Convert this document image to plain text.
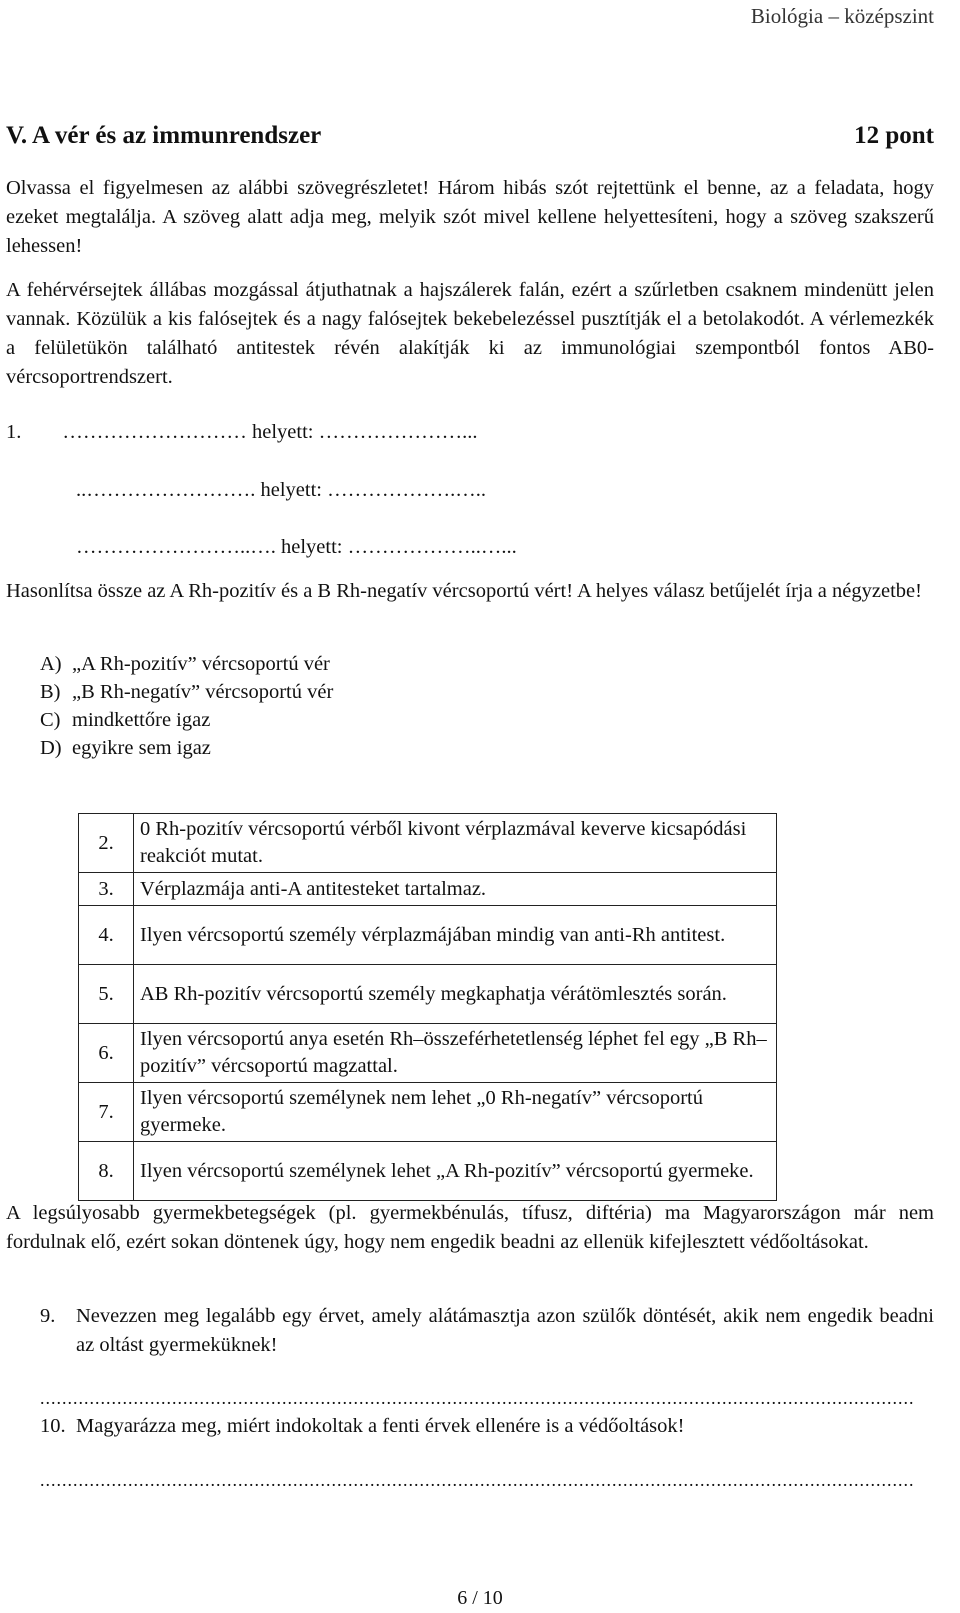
Biológia – középszint
V. A vér és az immunrendszer	12 pont
Olvassa el figyelmesen az alábbi szövegrészletet! Három hibás szót rejtettünk el benne, az a feladata, hogy ezeket megtalálja. A szöveg alatt adja meg, melyik szót mivel kellene helyettesíteni, hogy a szöveg szakszerű lehessen!
A fehérvérsejtek állábas mozgással átjuthatnak a hajszálerek falán, ezért a szűrletben csaknem mindenütt jelen vannak. Közülük a kis falósejtek és a nagy falósejtek bekebelezéssel pusztítják el a betolakodót. A vérlemezkék a felületükön található antitestek révén alakítják ki az immunológiai szempontból fontos AB0-vércsoportrendszert.
1.        ……………………… helyett: …………………...
..……………………. helyett: ……………….…..
……………………..…. helyett: ………………..…...
Hasonlítsa össze az A Rh-pozitív és a B Rh-negatív vércsoportú vért! A helyes válasz betűjelét írja a négyzetbe!
A) „A Rh-pozitív” vércsoportú vér
B) „B Rh-negatív” vércsoportú vér
C) mindkettőre igaz
D) egyikre sem igaz
2.	0 Rh-pozitív vércsoportú vérből kivont vérplazmával keverve kicsapódási reakciót mutat.
3.	Vérplazmája anti-A antitesteket tartalmaz.
4.	Ilyen vércsoportú személy vérplazmájában mindig van anti-Rh antitest.
5.	AB Rh-pozitív vércsoportú személy megkaphatja vérátömlesztés során.
6.	Ilyen vércsoportú anya esetén Rh–összeférhetetlenség léphet fel egy „B Rh–pozitív” vércsoportú magzattal.
7.	Ilyen vércsoportú személynek nem lehet „0 Rh-negatív” vércsoportú gyermeke.
8.	Ilyen vércsoportú személynek lehet „A Rh-pozitív” vércsoportú gyermeke.
A legsúlyosabb gyermekbetegségek (pl. gyermekbénulás, tífusz, diftéria) ma Magyarországon már nem fordulnak elő, ezért sokan döntenek úgy, hogy nem engedik beadni az ellenük kifejlesztett védőoltásokat.
9.	Nevezzen meg legalább egy érvet, amely alátámasztja azon szülők döntését, akik nem engedik beadni az oltást gyermeküknek!
...............................................................................................................................................................
10. Magyarázza meg, miért indokoltak a fenti érvek ellenére is a védőoltások!
...............................................................................................................................................................
6 / 10
